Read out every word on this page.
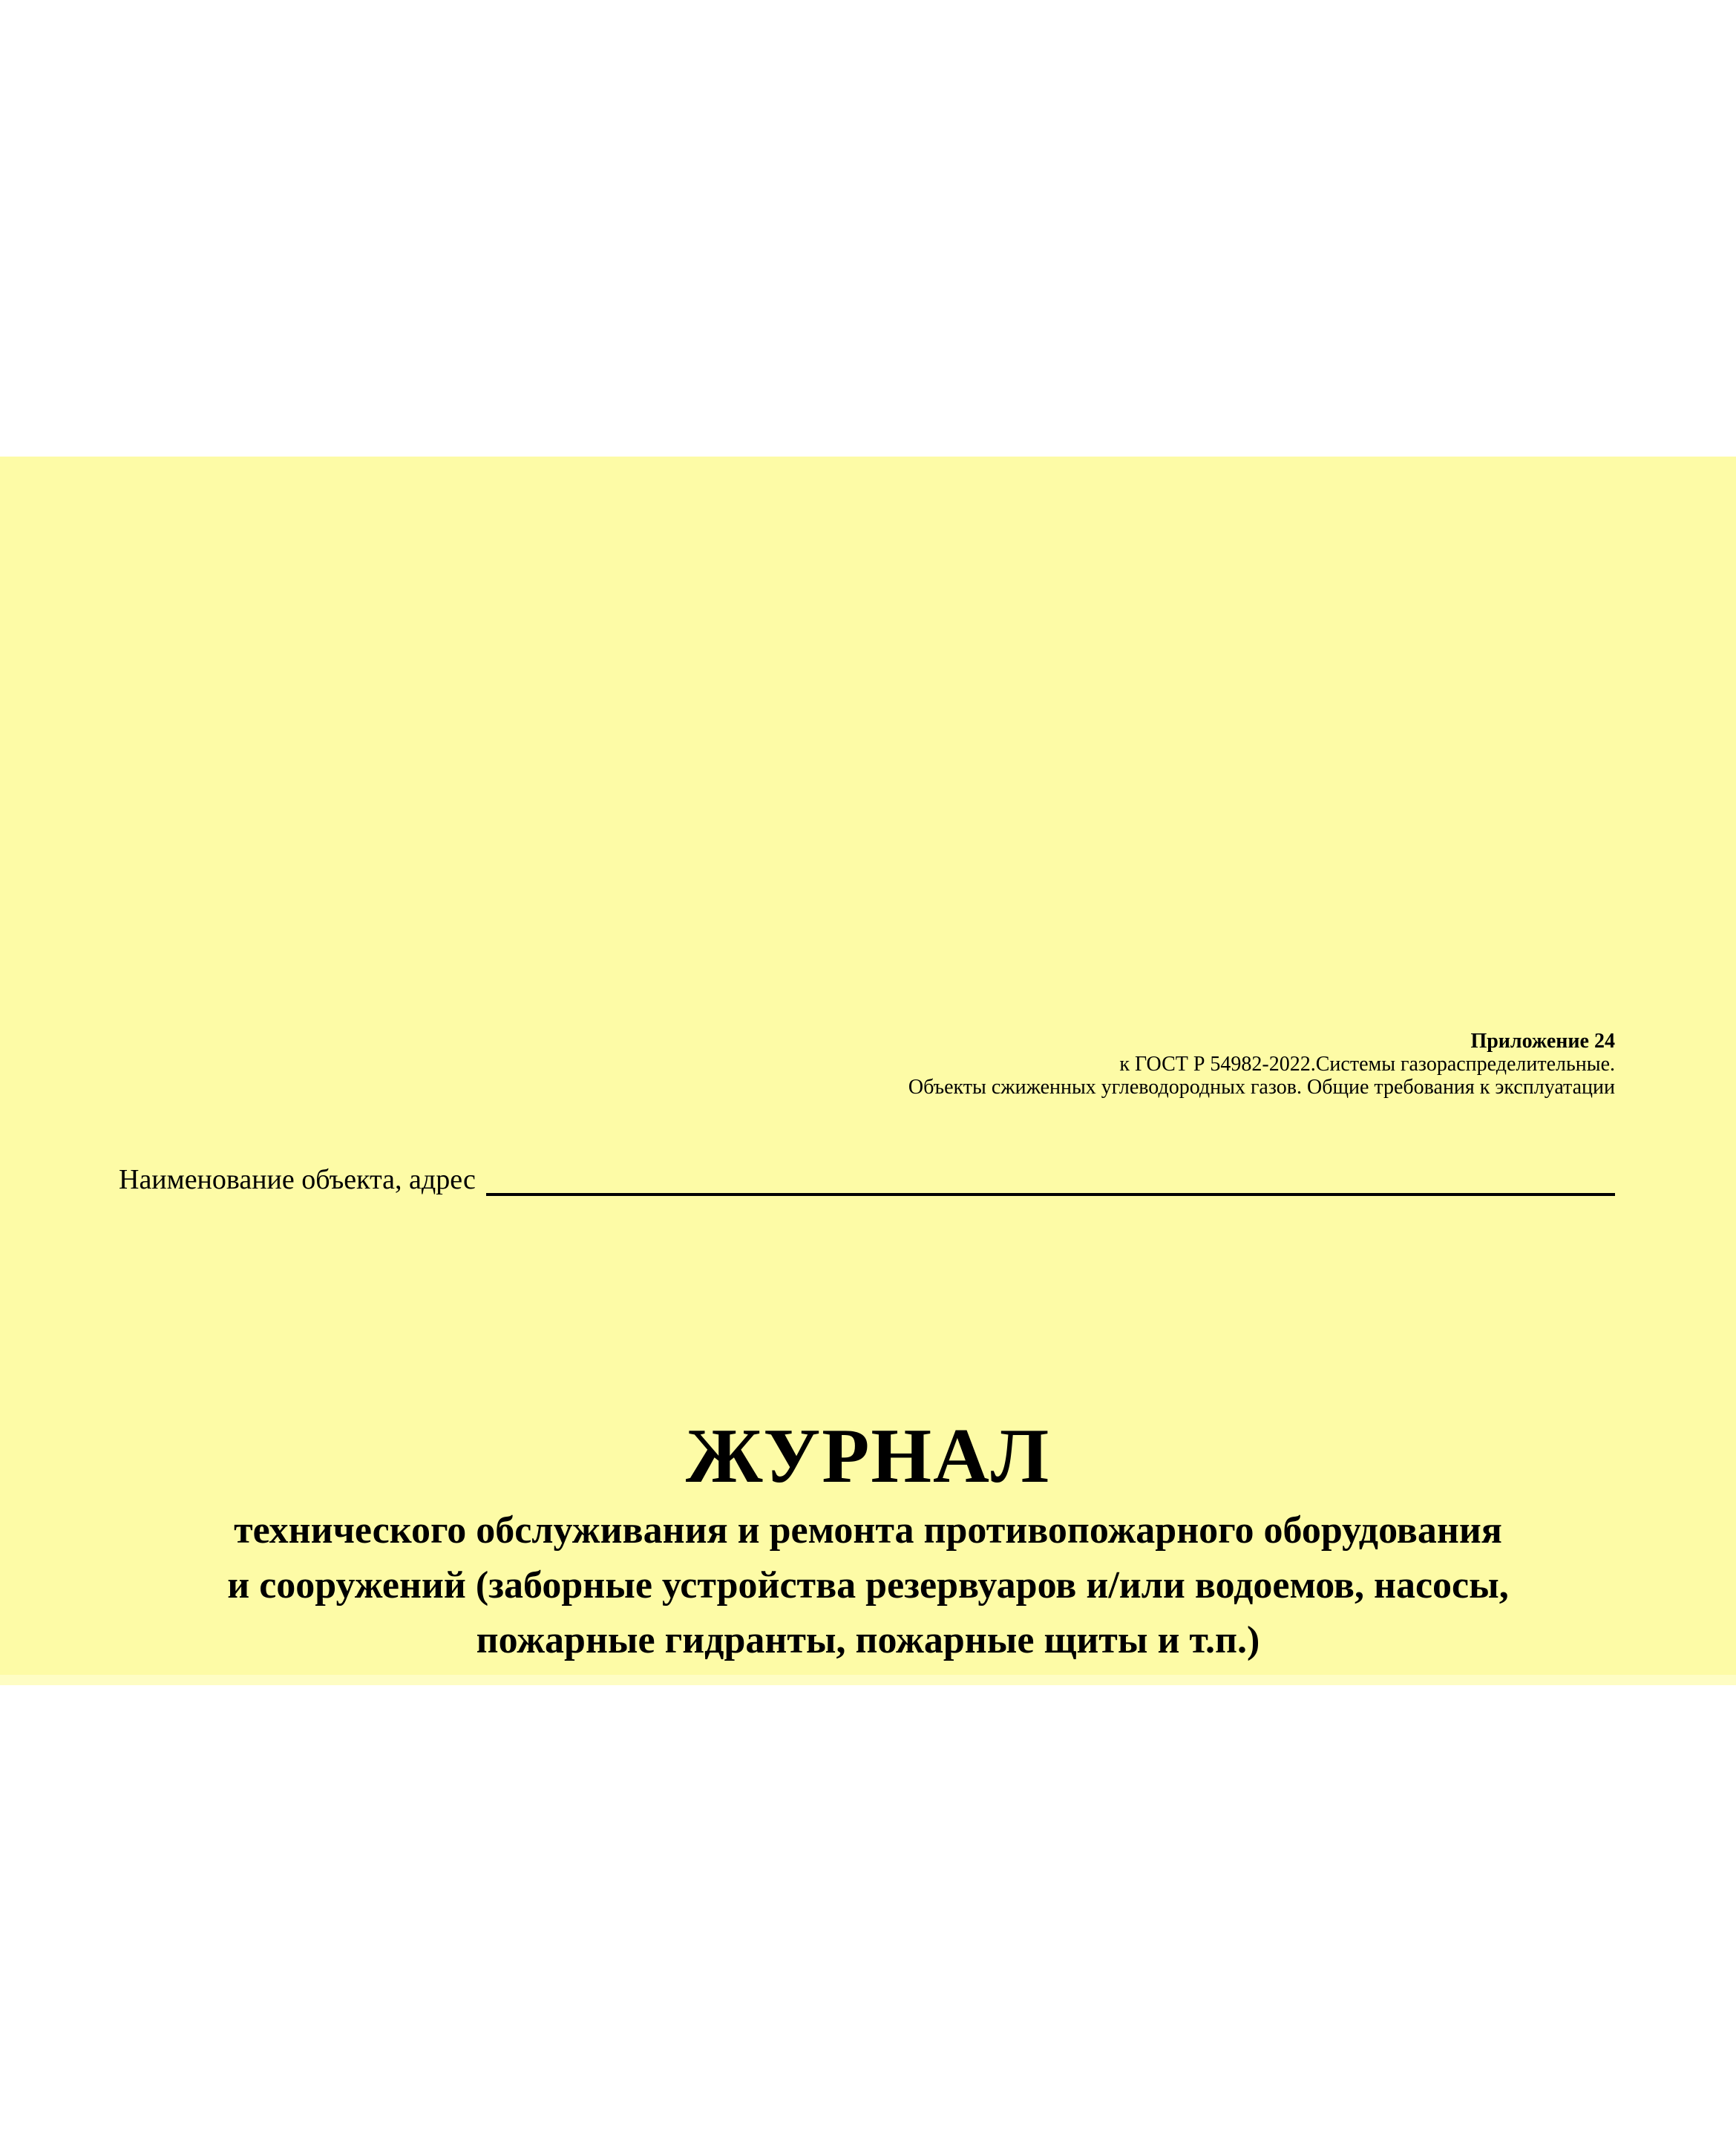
Приложение 24
к ГОСТ Р 54982-2022.Системы газораспределительные.
Объекты сжиженных углеводородных газов. Общие требования к эксплуатации
Наименование объекта, адрес
ЖУРНАЛ
технического обслуживания и ремонта противопожарного оборудования
и сооружений (заборные устройства резервуаров и/или водоемов, насосы,
пожарные гидранты, пожарные щиты и т.п.)
